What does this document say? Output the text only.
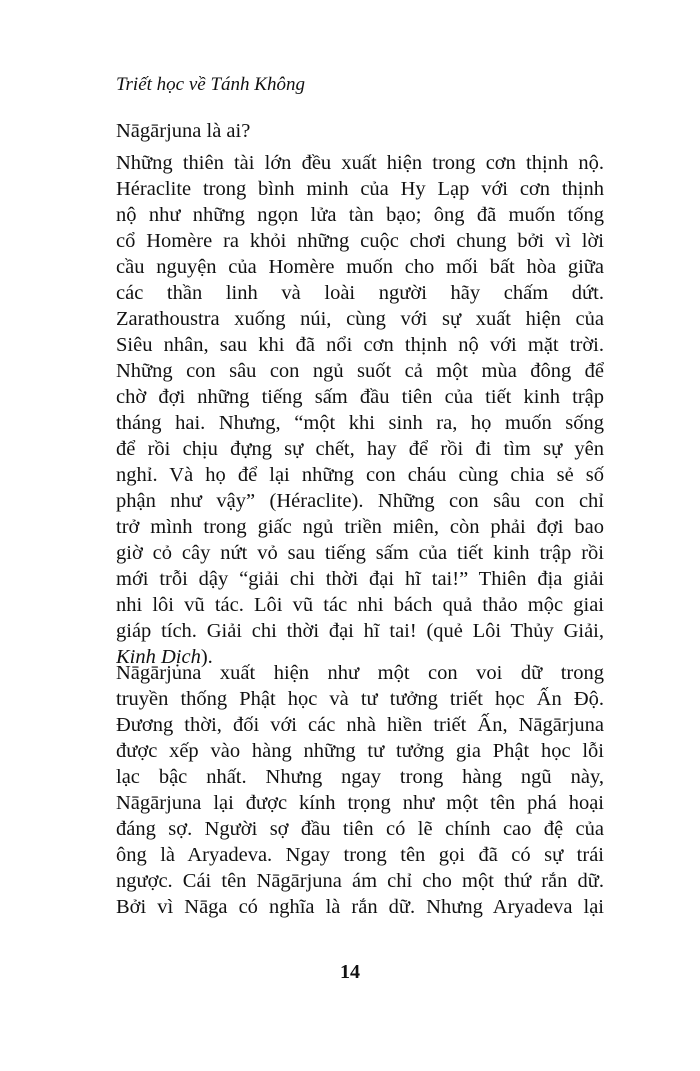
Triết học về Tánh Không
Nāgārjuna là ai?
Những thiên tài lớn đều xuất hiện trong cơn thịnh nộ.
Héraclite trong bình minh của Hy Lạp với cơn thịnh
nộ như những ngọn lửa tàn bạo; ông đã muốn tống
cổ Homère ra khỏi những cuộc chơi chung bởi vì lời
cầu nguyện của Homère muốn cho mối bất hòa giữa
các thần linh và loài người hãy chấm dứt.
Zarathoustra xuống núi, cùng với sự xuất hiện của
Siêu nhân, sau khi đã nổi cơn thịnh nộ với mặt trời.
Những con sâu con ngủ suốt cả một mùa đông để
chờ đợi những tiếng sấm đầu tiên của tiết kinh trập
tháng hai. Nhưng, “một khi sinh ra, họ muốn sống
để rồi chịu đựng sự chết, hay để rồi đi tìm sự yên
nghỉ. Và họ để lại những con cháu cùng chia sẻ số
phận như vậy” (Héraclite). Những con sâu con chỉ
trở mình trong giấc ngủ triền miên, còn phải đợi bao
giờ cỏ cây nứt vỏ sau tiếng sấm của tiết kinh trập rồi
mới trỗi dậy “giải chi thời đại hĩ tai!” Thiên địa giải
nhi lôi vũ tác. Lôi vũ tác nhi bách quả thảo mộc giai
giáp tích. Giải chi thời đại hĩ tai! (quẻ Lôi Thủy Giải,
Kinh Dịch).
Nāgārjuna xuất hiện như một con voi dữ trong
truyền thống Phật học và tư tưởng triết học Ấn Độ.
Đương thời, đối với các nhà hiền triết Ấn, Nāgārjuna
được xếp vào hàng những tư tưởng gia Phật học lỗi
lạc bậc nhất. Nhưng ngay trong hàng ngũ này,
Nāgārjuna lại được kính trọng như một tên phá hoại
đáng sợ. Người sợ đầu tiên có lẽ chính cao đệ của
ông là Aryadeva. Ngay trong tên gọi đã có sự trái
ngược. Cái tên Nāgārjuna ám chỉ cho một thứ rắn dữ.
Bởi vì Nāga có nghĩa là rắn dữ. Nhưng Aryadeva lại

14
